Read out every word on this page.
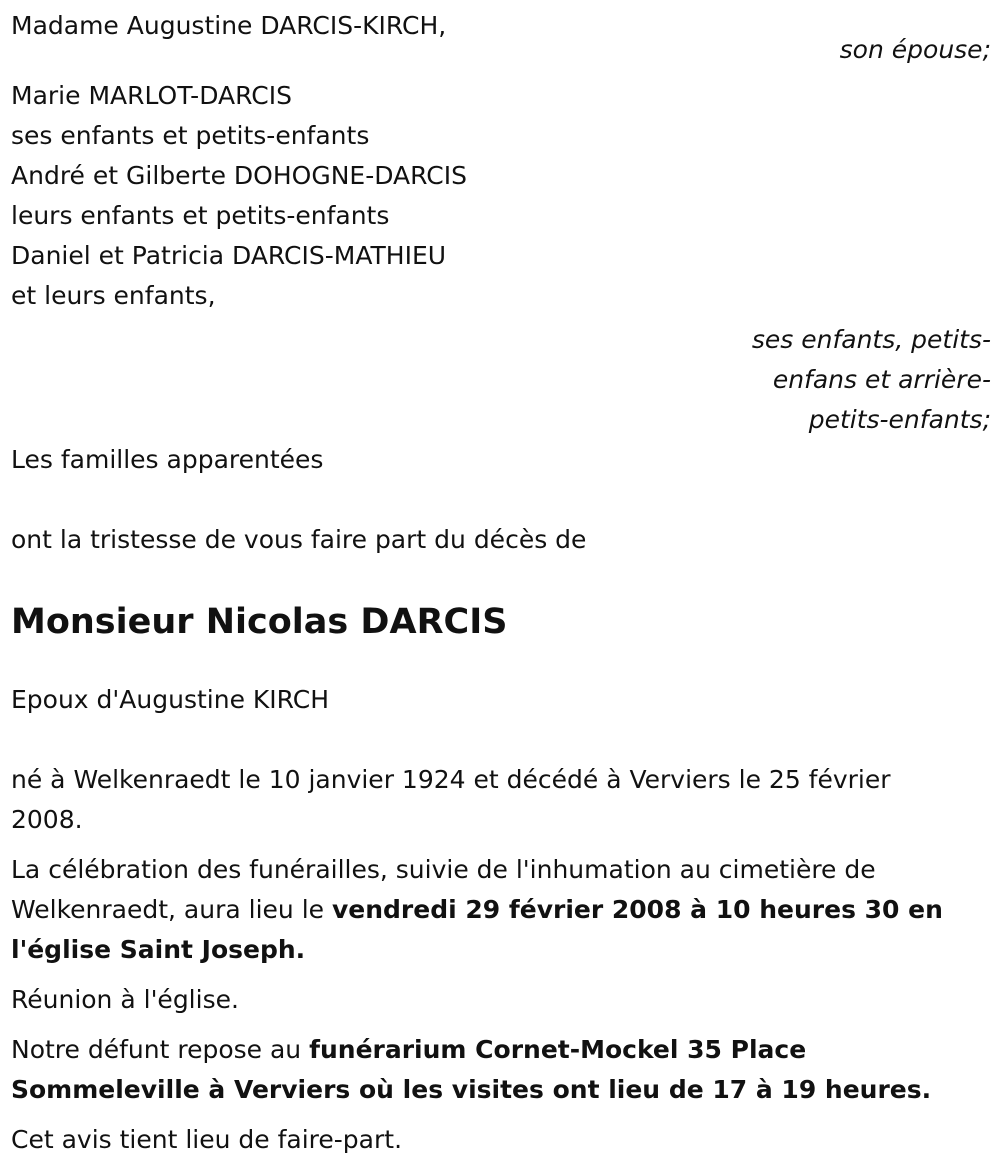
Madame Augustine DARCIS-KIRCH,
son épouse;
Marie MARLOT-DARCIS
ses enfants et petits-enfants
André et Gilberte DOHOGNE-DARCIS
leurs enfants et petits-enfants
Daniel et Patricia DARCIS-MATHIEU
et leurs enfants,
ses enfants, petits-
enfans et arrière-
petits-enfants;
Les familles apparentées
ont la tristesse de vous faire part du décès de
Monsieur Nicolas DARCIS
Epoux d'Augustine KIRCH

né à Welkenraedt le 10 janvier 1924 et décédé à Verviers le 25 février 2008.

La célébration des funérailles, suivie de l'inhumation au cimetière de Welkenraedt, aura lieu le vendredi 29 février 2008 à 10 heures 30 en l'église Saint Joseph.

Réunion à l'église.

Notre défunt repose au funérarium Cornet-Mockel 35 Place Sommeleville à Verviers où les visites ont lieu de 17 à 19 heures.

Cet avis tient lieu de faire-part.
